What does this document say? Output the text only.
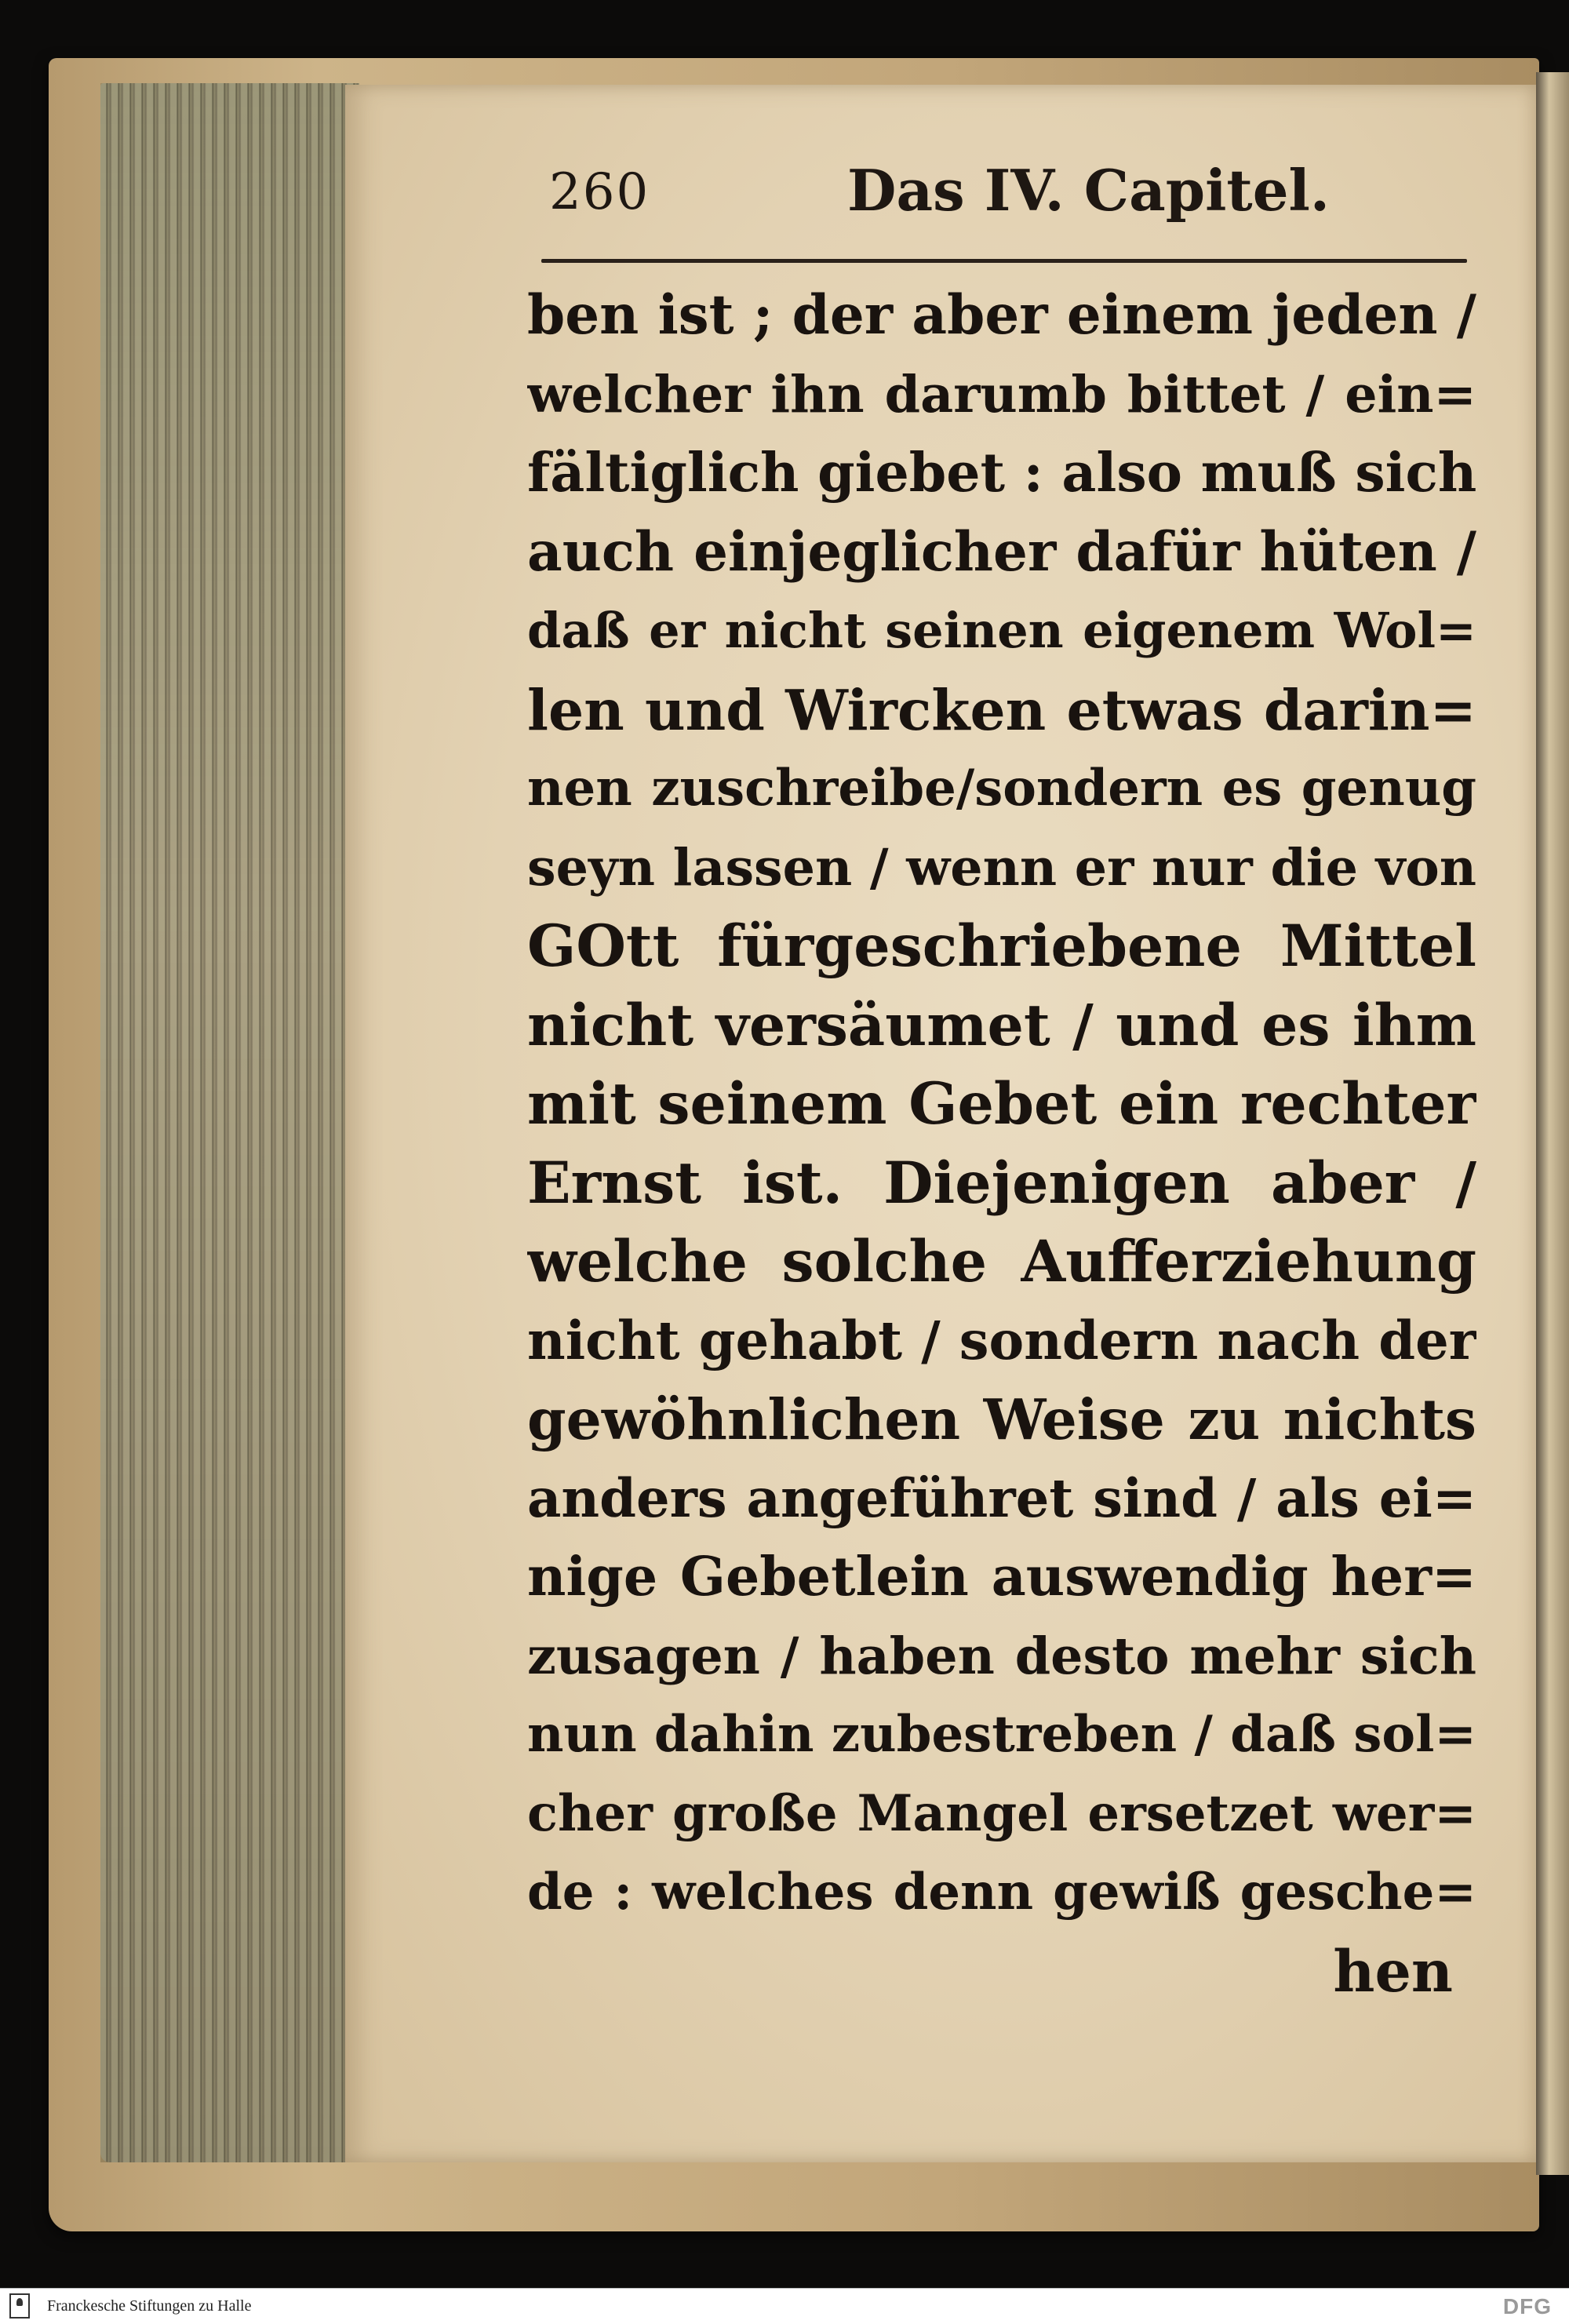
260	Das IV. Capitel.
ben ist ; der aber einem jeden /
welcher ihn darumb bittet / ein=
fältiglich giebet : also muß sich
auch einjeglicher dafür hüten /
daß er nicht seinen eigenem Wol=
len und Wircken etwas darin=
nen zuschreibe/sondern es genug
seyn lassen / wenn er nur die von
GOtt fürgeschriebene Mittel
nicht versäumet / und es ihm
mit seinem Gebet ein rechter
Ernst ist. Diejenigen aber /
welche solche Aufferziehung
nicht gehabt / sondern nach der
gewöhnlichen Weise zu nichts
anders angeführet sind / als ei=
nige Gebetlein auswendig her=
zusagen / haben desto mehr sich
nun dahin zubestreben / daß sol=
cher große Mangel ersetzet wer=
de : welches denn gewiß gesche=
hen
Franckesche Stiftungen zu Halle	DFG
